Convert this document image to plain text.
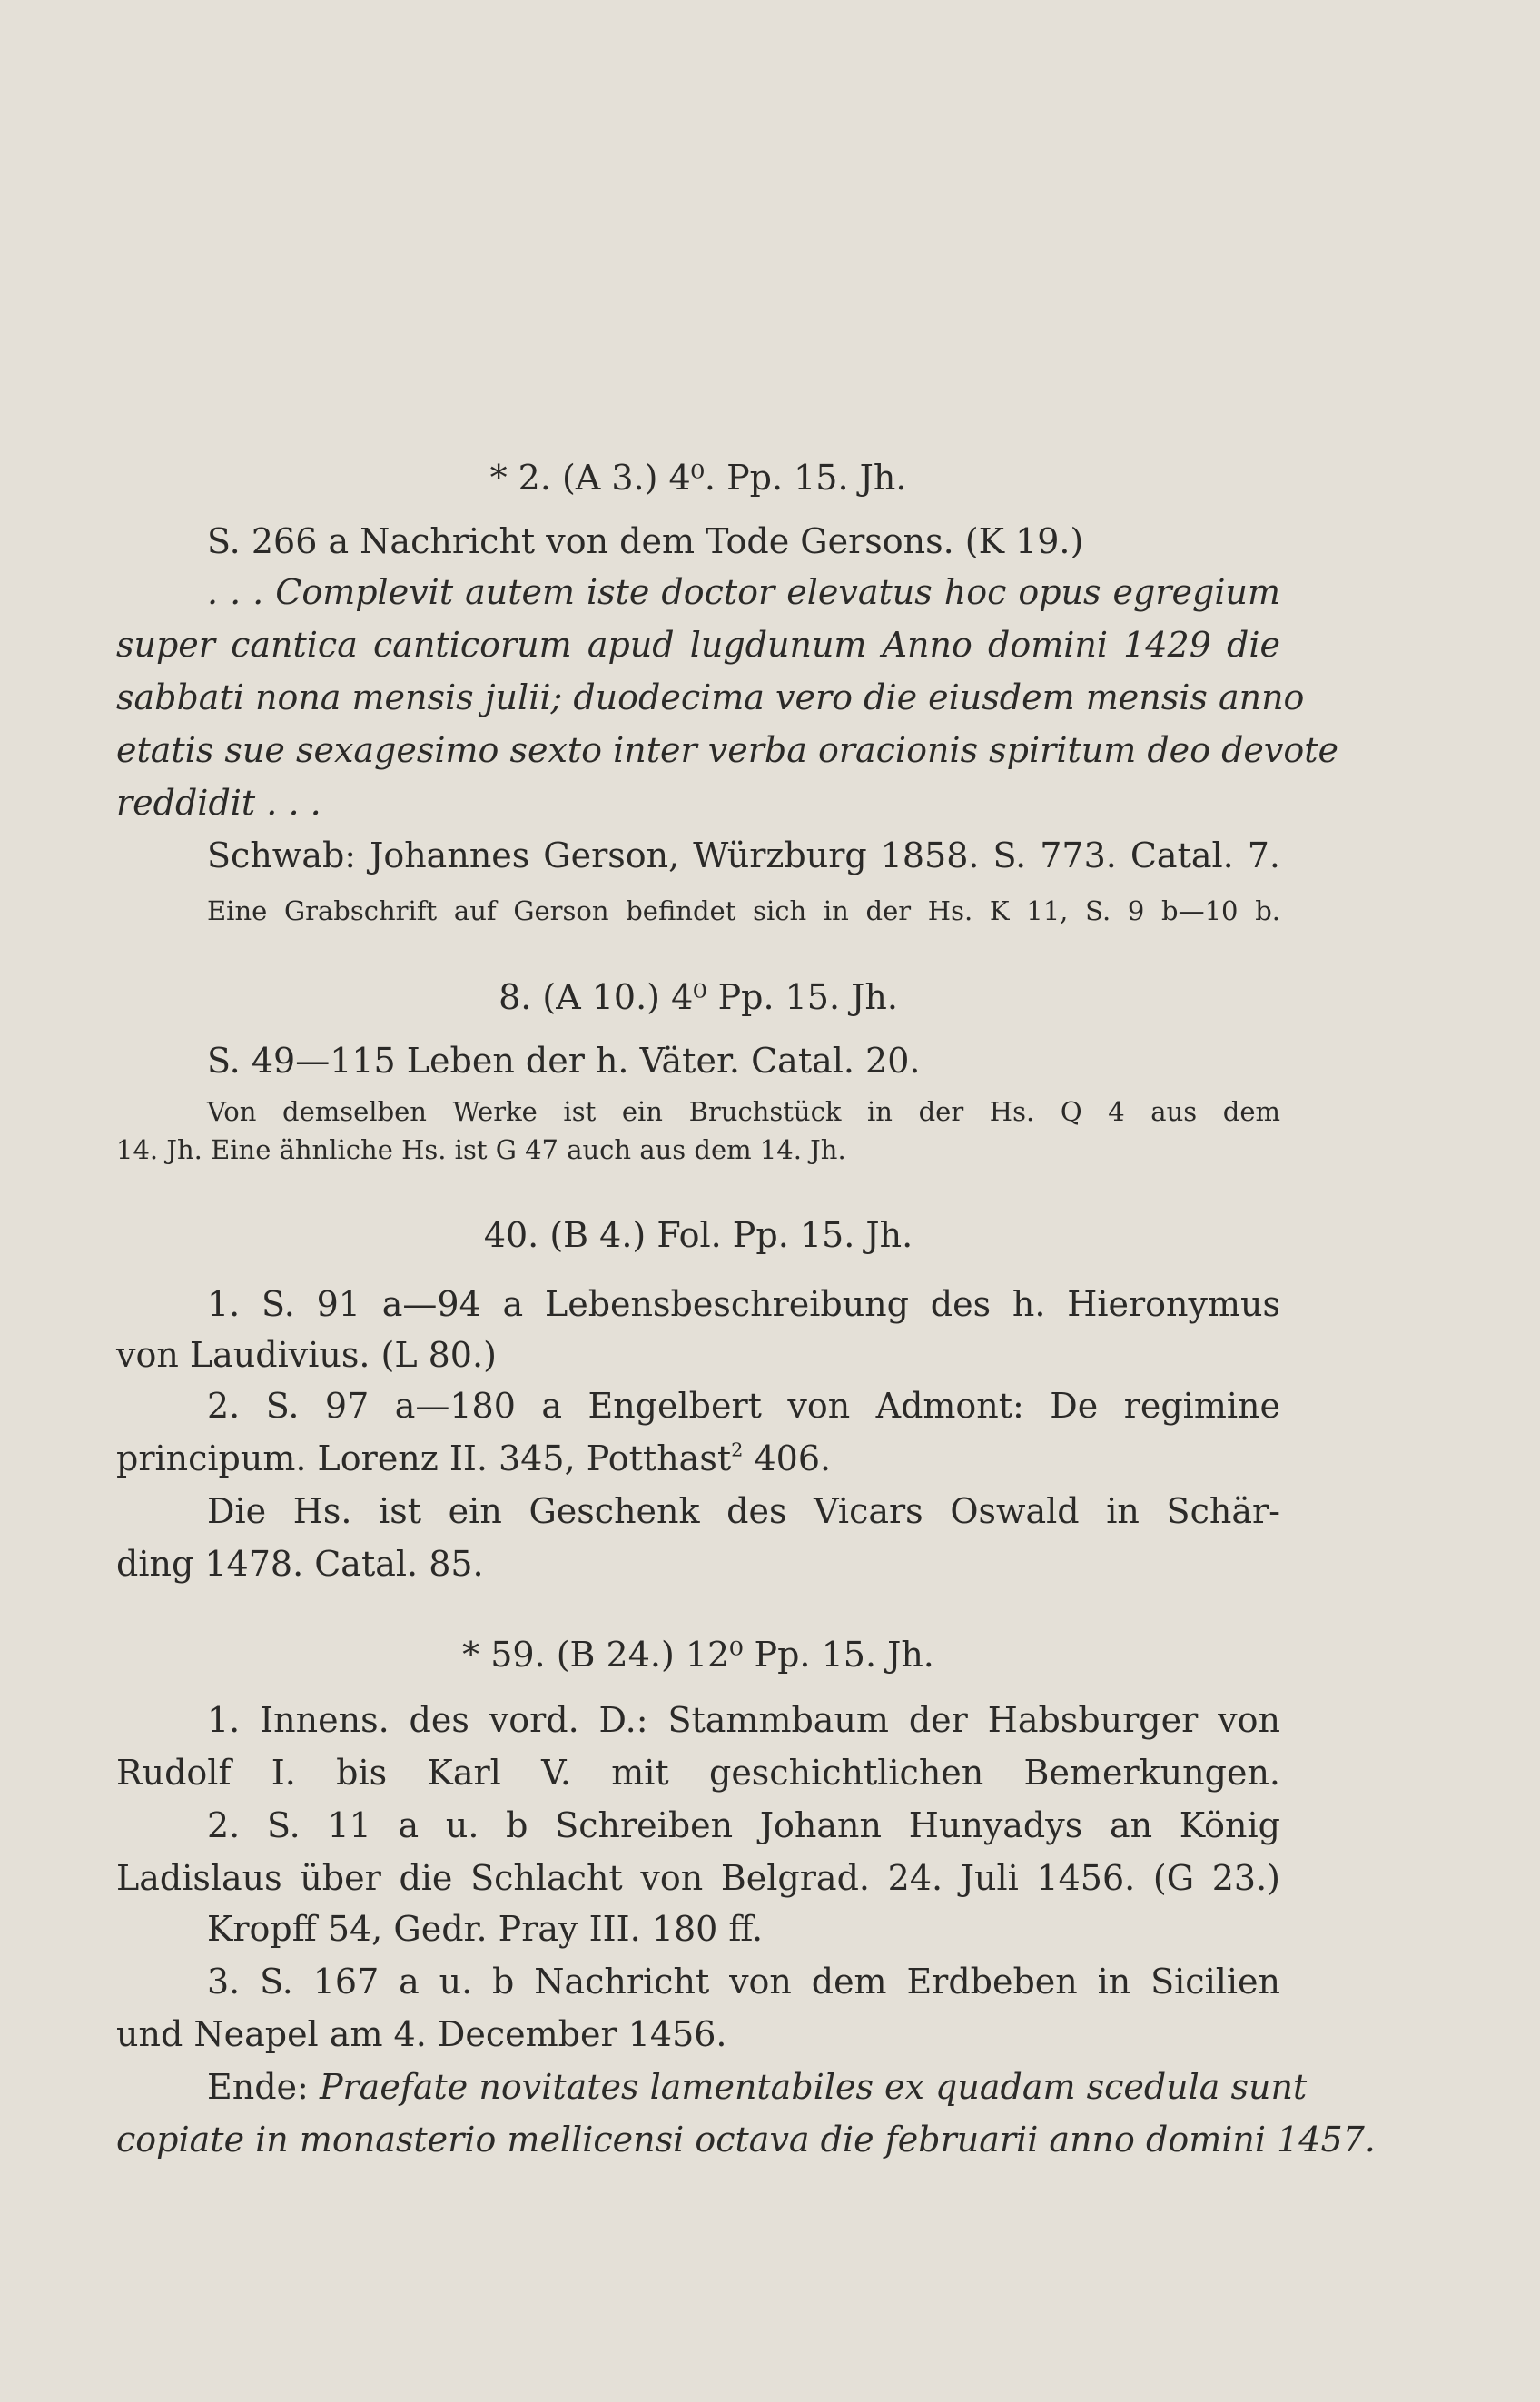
* 2. (A 3.) 4⁰. Pp. 15. Jh.
S. 266 a Nachricht von dem Tode Gersons. (K 19.)
. . . Complevit autem iste doctor elevatus hoc opus egregium
super cantica canticorum apud lugdunum Anno domini 1429 die
sabbati nona mensis julii; duodecima vero die eiusdem mensis anno
etatis sue sexagesimo sexto inter verba oracionis spiritum deo devote
reddidit . . .
Schwab: Johannes Gerson, Würzburg 1858. S. 773. Catal. 7.
Eine Grabschrift auf Gerson befindet sich in der Hs. K 11, S. 9 b—10 b.
8. (A 10.) 4⁰ Pp. 15. Jh.
S. 49—115 Leben der h. Väter. Catal. 20.
Von demselben Werke ist ein Bruchstück in der Hs. Q 4 aus dem
14. Jh. Eine ähnliche Hs. ist G 47 auch aus dem 14. Jh.
40. (B 4.) Fol. Pp. 15. Jh.
1. S. 91 a—94 a Lebensbeschreibung des h. Hieronymus
von Laudivius. (L 80.)
2. S. 97 a—180 a Engelbert von Admont: De regimine
principum. Lorenz II. 345, Potthast$^2$ 406.
Die Hs. ist ein Geschenk des Vicars Oswald in Schär-
ding 1478. Catal. 85.
* 59. (B 24.) 12⁰ Pp. 15. Jh.
1. Innens. des vord. D.: Stammbaum der Habsburger von
Rudolf I. bis Karl V. mit geschichtlichen Bemerkungen.
2. S. 11 a u. b Schreiben Johann Hunyadys an König
Ladislaus über die Schlacht von Belgrad. 24. Juli 1456. (G 23.)
Kropff 54, Gedr. Pray III. 180 ff.
3. S. 167 a u. b Nachricht von dem Erdbeben in Sicilien
und Neapel am 4. December 1456.
Ende: Praefate novitates lamentabiles ex quadam scedula sunt
copiate in monasterio mellicensi octava die februarii anno domini 1457.
